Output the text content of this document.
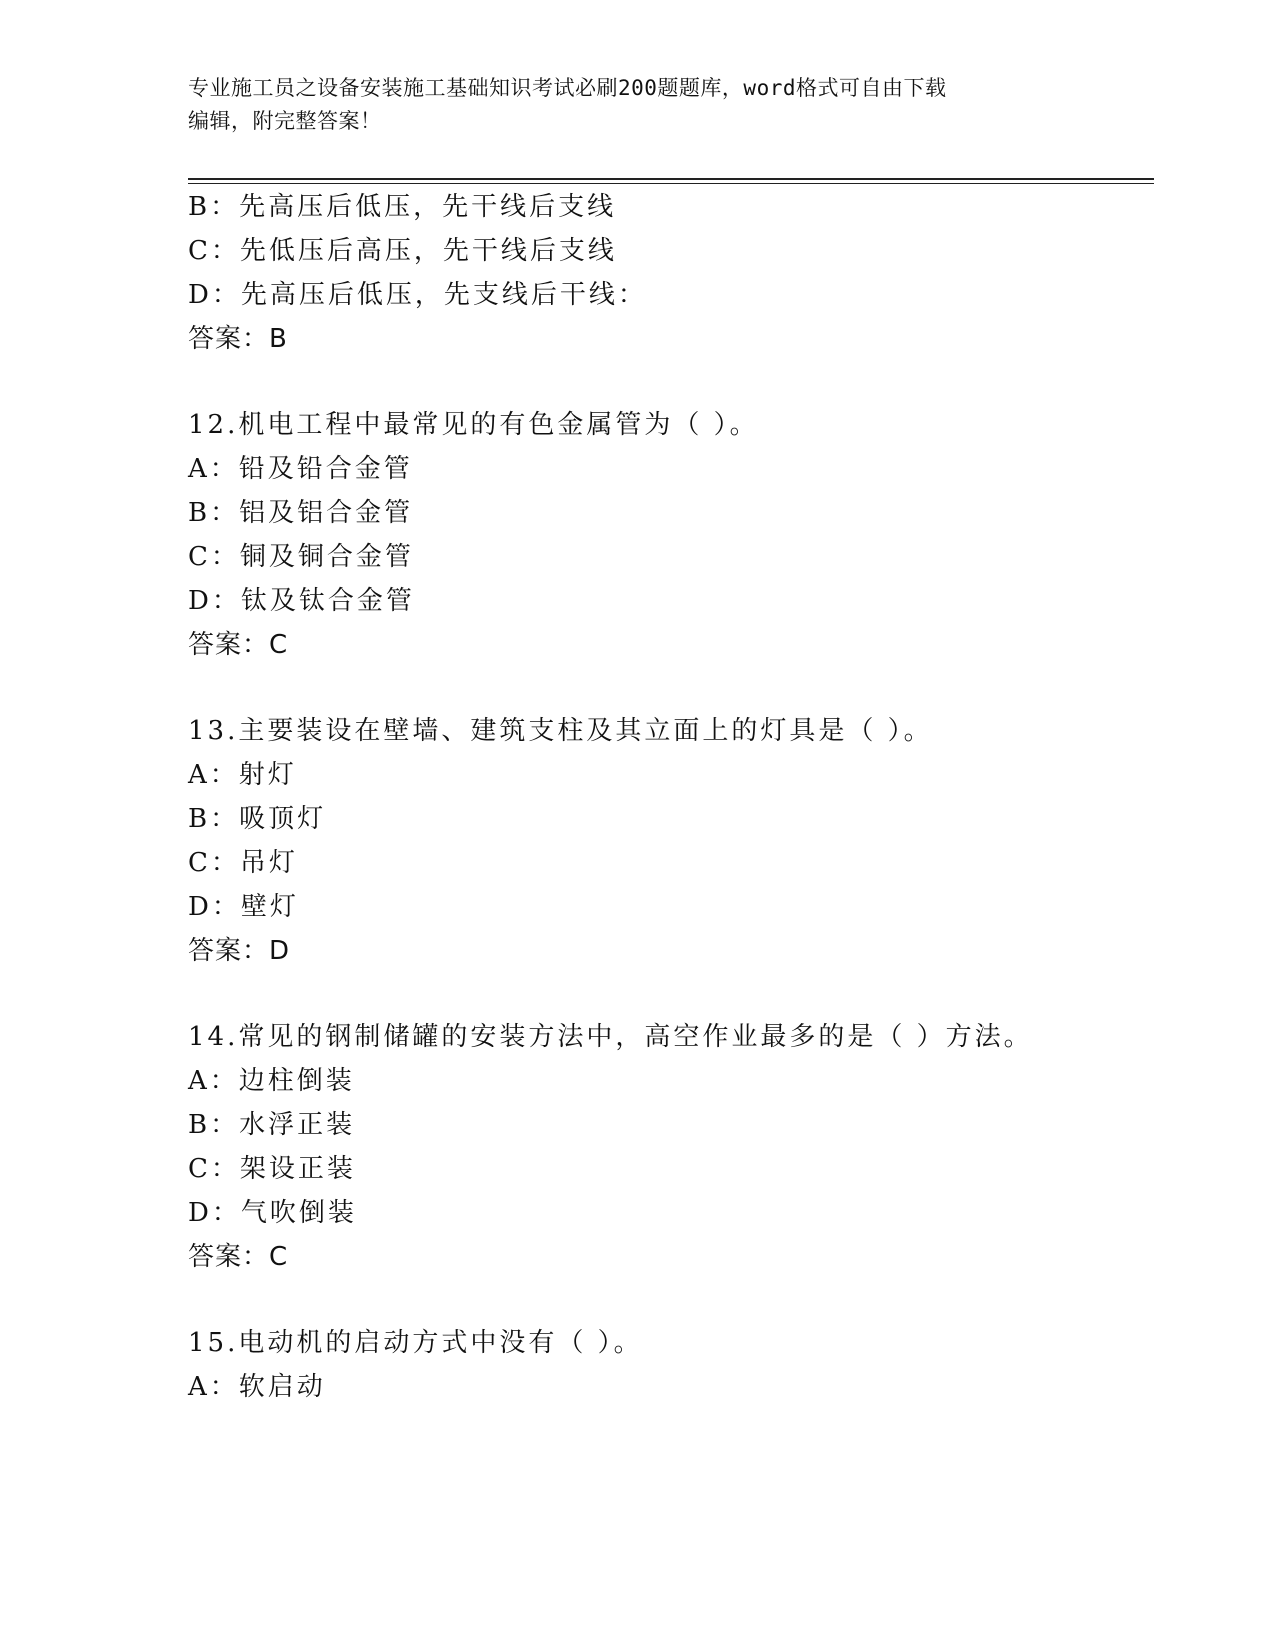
专业施工员之设备安装施工基础知识考试必刷200题题库，word格式可自由下载
编辑，附完整答案！
B：先高压后低压，先干线后支线
C：先低压后高压，先干线后支线
D：先高压后低压，先支线后干线：
答案：B
12.机电工程中最常见的有色金属管为（ ）。
A：铅及铅合金管
B：铝及铝合金管
C：铜及铜合金管
D：钛及钛合金管
答案：C
13.主要装设在壁墙、建筑支柱及其立面上的灯具是（ ）。
A：射灯
B：吸顶灯
C：吊灯
D：壁灯
答案：D
14.常见的钢制储罐的安装方法中，高空作业最多的是（ ）方法。
A：边柱倒装
B：水浮正装
C：架设正装
D：气吹倒装
答案：C
15.电动机的启动方式中没有（ ）。
A：软启动
